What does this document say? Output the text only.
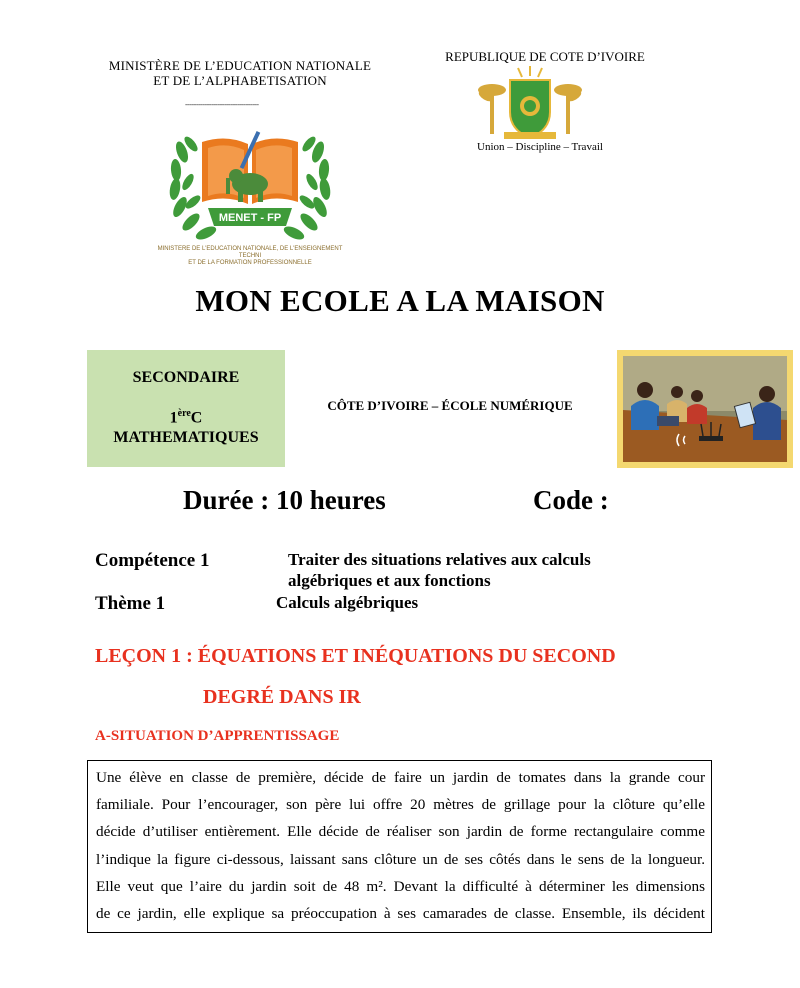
MINISTÈRE DE L’EDUCATION NATIONALE
ET DE L’ALPHABETISATION
----------------------------------
MENET - FP
MINISTERE DE L'EDUCATION NATIONALE, DE L'ENSEIGNEMENT TECHNI
ET DE LA FORMATION PROFESSIONNELLE
REPUBLIQUE DE COTE D’IVOIRE
Union – Discipline – Travail
MON ECOLE A LA MAISON
SECONDAIRE
1èreC
MATHEMATIQUES
CÔTE D’IVOIRE – ÉCOLE NUMÉRIQUE
Durée : 10 heures	Code :
Compétence 1	Traiter des situations relatives aux calculs
algébriques et aux fonctions
Thème 1	Calculs algébriques
LEÇON 1 : ÉQUATIONS ET INÉQUATIONS DU SECOND
DEGRÉ DANS IR
A-SITUATION D’APPRENTISSAGE
Une élève en classe de première, décide de faire un jardin de tomates dans la grande cour
familiale. Pour l’encourager, son père lui offre 20 mètres de grillage pour la clôture qu’elle
décide d’utiliser entièrement. Elle décide de réaliser son jardin de forme rectangulaire comme
l’indique la figure ci-dessous, laissant sans clôture un de ses côtés dans le sens de la longueur.
Elle veut que l’aire du jardin soit de 48 m². Devant la difficulté à déterminer les dimensions
de ce jardin, elle explique sa préoccupation à ses camarades de classe. Ensemble, ils décident
